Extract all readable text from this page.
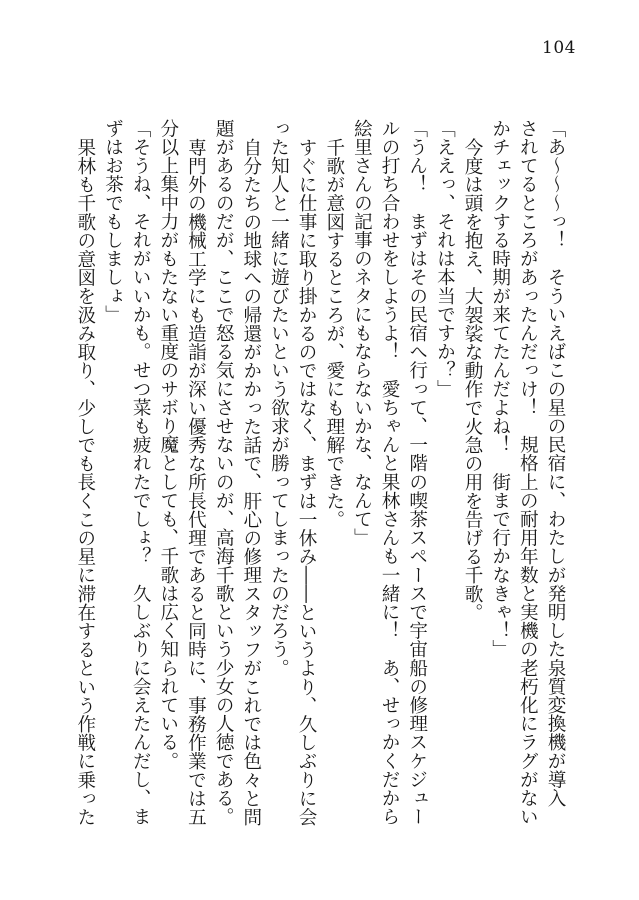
104
「あ〜〜〜っ！　そういえばこの星の民宿に、わたしが発明した泉質変換機が導入
されてるところがあったんだっけ！　規格上の耐用年数と実機の老朽化にラグがない
かチェックする時期が来てたんだよね！　街まで行かなきゃ！」
今度は頭を抱え、大袈裟な動作で火急の用を告げる千歌。
「ええっ、それは本当ですか？」
「うん！　まずはその民宿へ行って、一階の喫茶スペースで宇宙船の修理スケジュー
ルの打ち合わせをしようよ！　愛ちゃんと果林さんも一緒に！　あ、せっかくだから
絵里さんの記事のネタにもならないかな、なんて」
千歌が意図するところが、愛にも理解できた。
すぐに仕事に取り掛かるのではなく、まずは一休み――というより、久しぶりに会
った知人と一緒に遊びたいという欲求が勝ってしまったのだろう。
自分たちの地球への帰還がかかった話で、肝心の修理スタッフがこれでは色々と問
題があるのだが、ここで怒る気にさせないのが、高海千歌という少女の人徳である。
専門外の機械工学にも造詣が深い優秀な所長代理であると同時に、事務作業では五
分以上集中力がもたない重度のサボり魔としても、千歌は広く知られている。
「そうね、それがいいかも。せつ菜も疲れたでしょ？　久しぶりに会えたんだし、ま
ずはお茶でもしましょ」
果林も千歌の意図を汲み取り、少しでも長くこの星に滞在するという作戦に乗った
